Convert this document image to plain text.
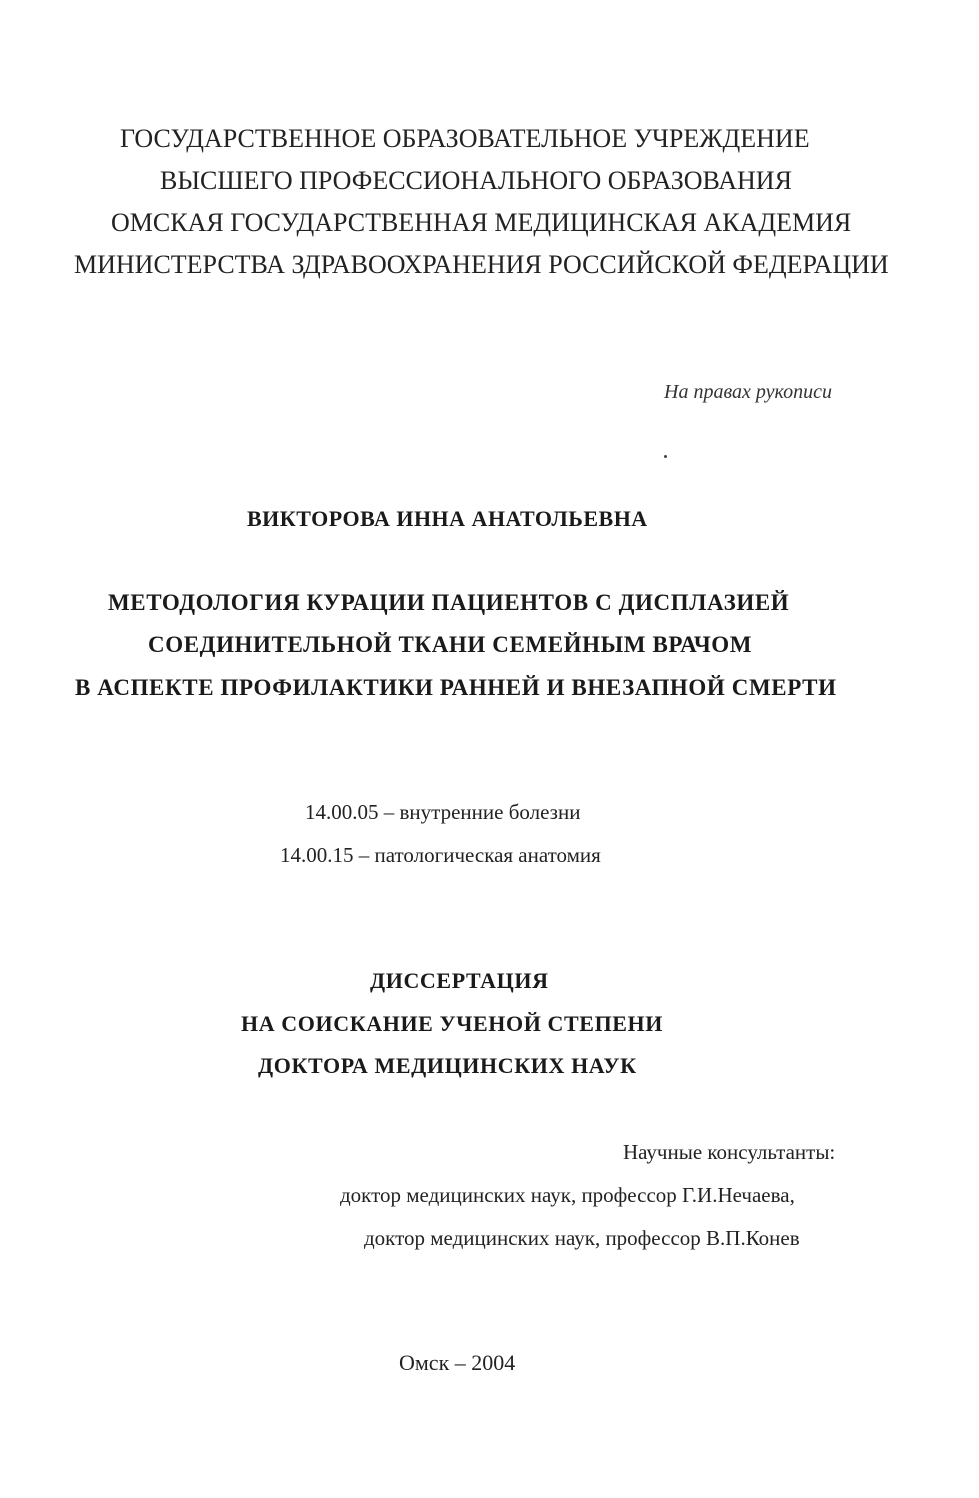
ГОСУДАРСТВЕННОЕ ОБРАЗОВАТЕЛЬНОЕ УЧРЕЖДЕНИЕ
ВЫСШЕГО ПРОФЕССИОНАЛЬНОГО ОБРАЗОВАНИЯ
ОМСКАЯ ГОСУДАРСТВЕННАЯ МЕДИЦИНСКАЯ АКАДЕМИЯ
МИНИСТЕРСТВА ЗДРАВООХРАНЕНИЯ РОССИЙСКОЙ ФЕДЕРАЦИИ
На правах рукописи
ВИКТОРОВА ИННА АНАТОЛЬЕВНА
МЕТОДОЛОГИЯ КУРАЦИИ ПАЦИЕНТОВ С ДИСПЛАЗИЕЙ
СОЕДИНИТЕЛЬНОЙ ТКАНИ СЕМЕЙНЫМ ВРАЧОМ
В АСПЕКТЕ ПРОФИЛАКТИКИ РАННЕЙ И ВНЕЗАПНОЙ СМЕРТИ
14.00.05 – внутренние болезни
14.00.15 – патологическая анатомия
ДИССЕРТАЦИЯ
НА СОИСКАНИЕ УЧЕНОЙ СТЕПЕНИ
ДОКТОРА МЕДИЦИНСКИХ НАУК
Научные консультанты:
доктор медицинских наук, профессор Г.И.Нечаева,
доктор медицинских наук, профессор В.П.Конев
Омск – 2004
